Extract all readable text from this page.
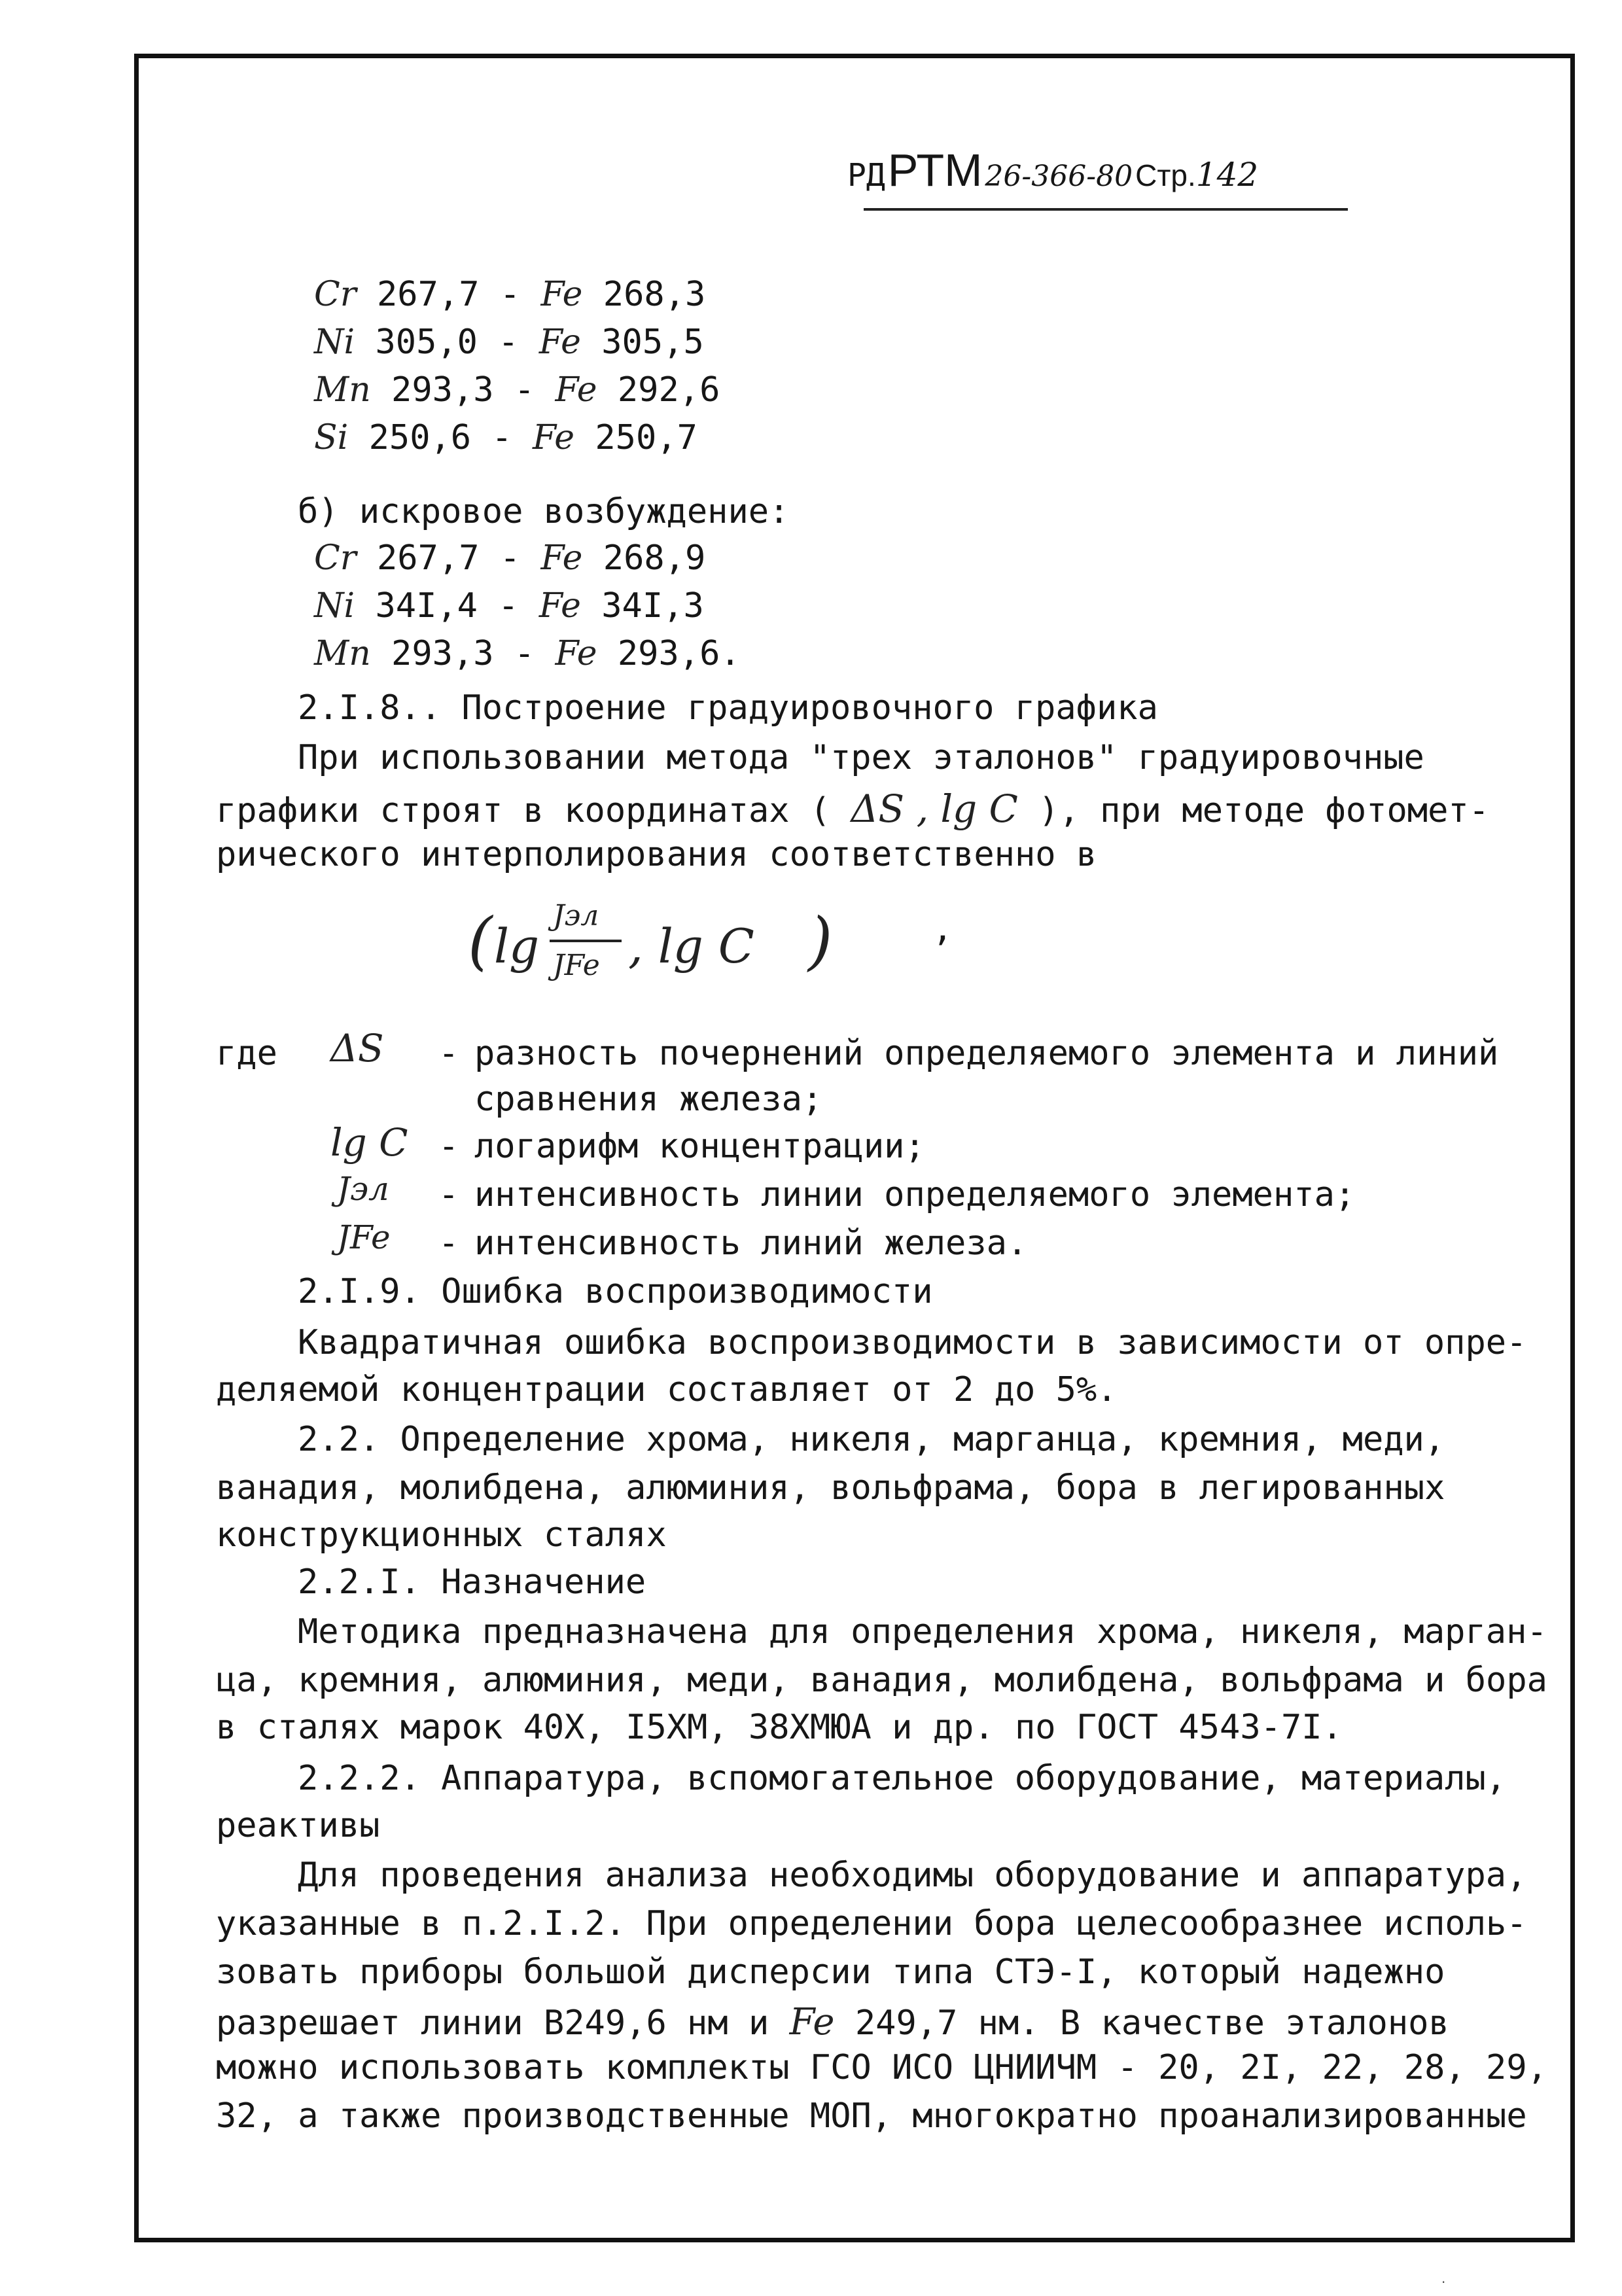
РД РТМ 26-366-80 Стр.142
Cr 267,7 - Fe 268,3
Ni 305,0 - Fe 305,5
Mn 293,3 - Fe 292,6
Si 250,6 - Fe 250,7
б) искровое возбуждение:
Cr 267,7 - Fe 268,9
Ni 34I,4 - Fe 34I,3
Mn 293,3 - Fe 293,6.
2.I.8.. Построение градуировочного графика
При использовании метода "трех эталонов" градуировочные
графики строят в координатах ( ΔS , lg C ), при методе фотомет-
рического интерполирования соответственно в
( lg
Jэл
JFe , lg C )	,
где ΔS - разность почернений определяемого элемента и линий
сравнения железа;
lg C - логарифм концентрации;
Jэл - интенсивность линии определяемого элемента;
JFe - интенсивность линий железа.
2.I.9. Ошибка воспроизводимости
Квадратичная ошибка воспроизводимости в зависимости от опре-
деляемой концентрации составляет от 2 до 5%.
2.2. Определение хрома, никеля, марганца, кремния, меди,
ванадия, молибдена, алюминия, вольфрама, бора в легированных
конструкционных сталях
2.2.I. Назначение
Методика предназначена для определения хрома, никеля, марган-
ца, кремния, алюминия, меди, ванадия, молибдена, вольфрама и бора
в сталях марок 40Х, I5ХМ, 38ХМЮА и др. по ГОСТ 4543-7I.
2.2.2. Аппаратура, вспомогательное оборудование, материалы,
реактивы
Для проведения анализа необходимы оборудование и аппаратура,
указанные в п.2.I.2. При определении бора целесообразнее исполь-
зовать приборы большой дисперсии типа СТЭ-I, который надежно
разрешает линии В249,6 нм и Fe 249,7 нм. В качестве эталонов
можно использовать комплекты ГСО ИСО ЦНИИЧМ - 20, 2I, 22, 28, 29,
32, а также производственные МОП, многократно проанализированные
·
